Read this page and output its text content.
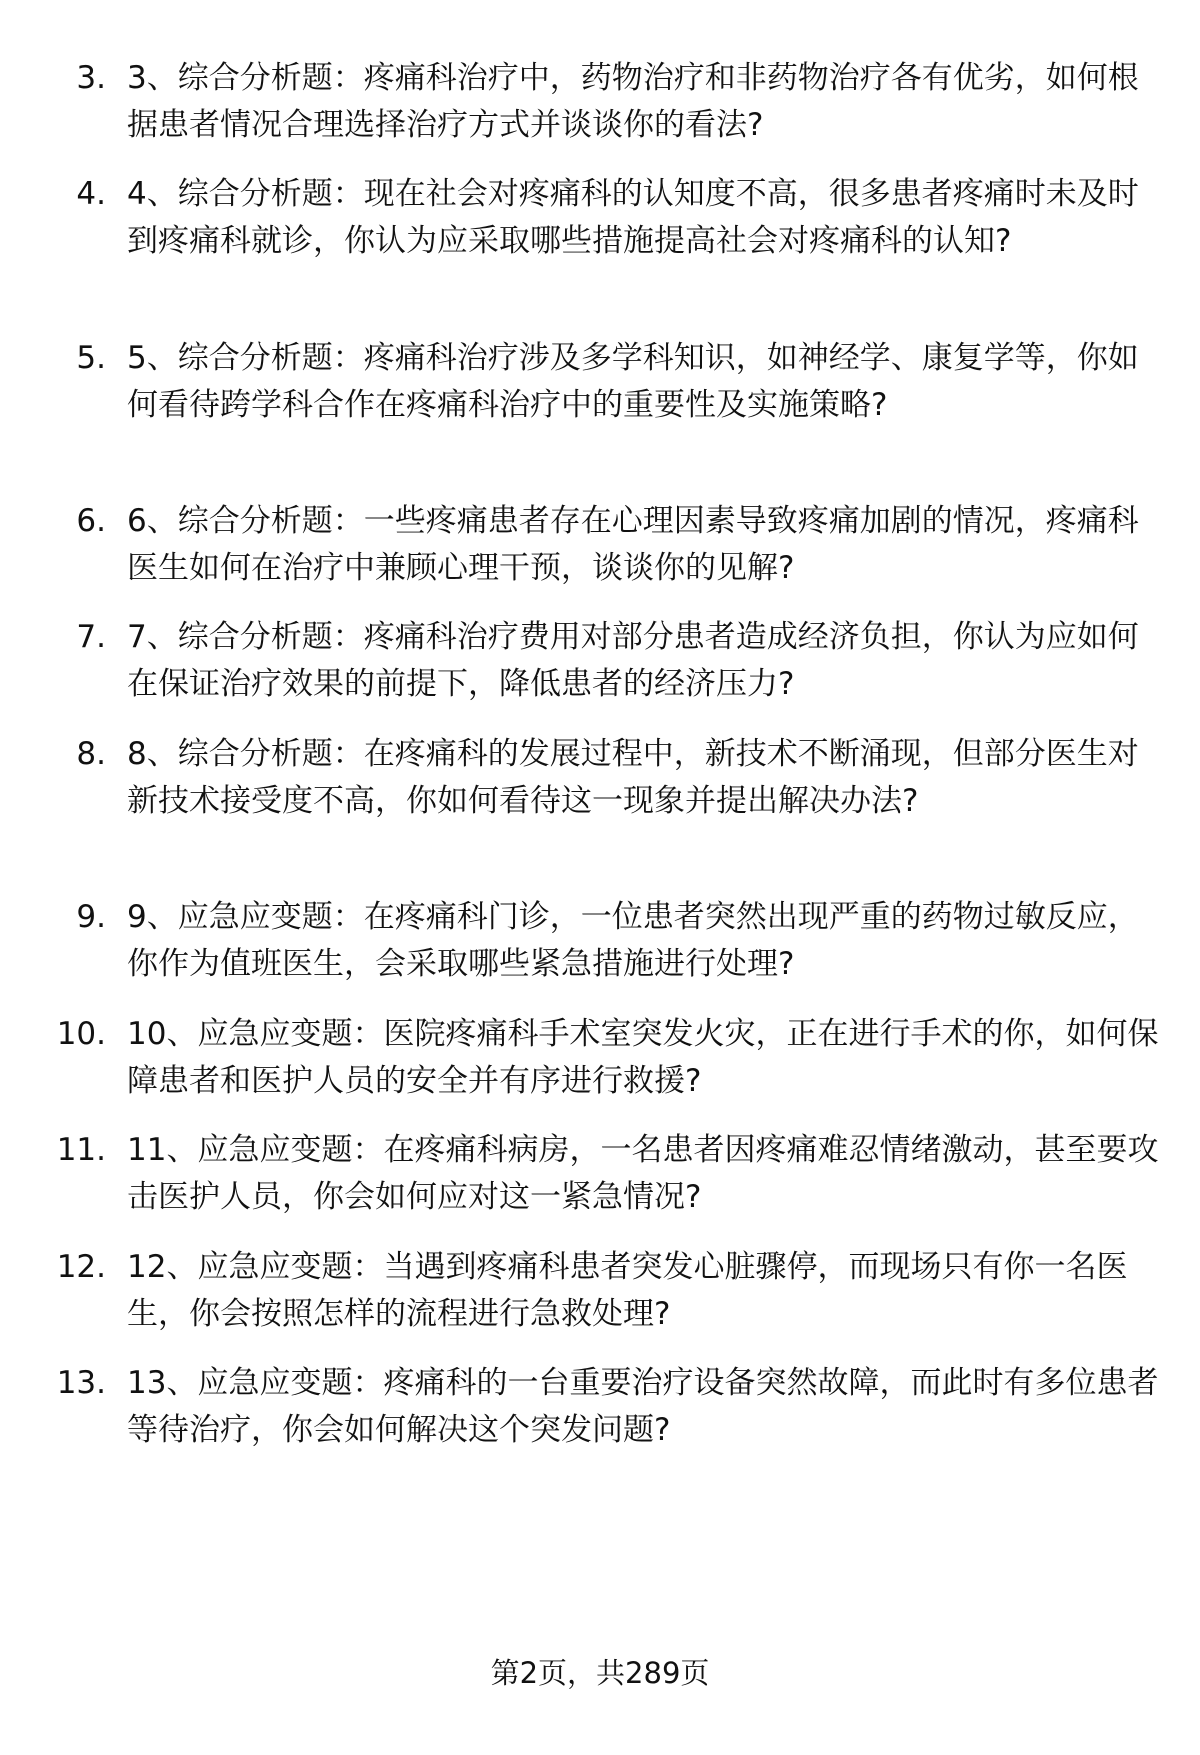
3. 3、综合分析题：疼痛科治疗中，药物治疗和非药物治疗各有优劣，如何根据患者情况合理选择治疗方式并谈谈你的看法?

4. 4、综合分析题：现在社会对疼痛科的认知度不高，很多患者疼痛时未及时到疼痛科就诊，你认为应采取哪些措施提高社会对疼痛科的认知?

5. 5、综合分析题：疼痛科治疗涉及多学科知识，如神经学、康复学等，你如何看待跨学科合作在疼痛科治疗中的重要性及实施策略?

6. 6、综合分析题：一些疼痛患者存在心理因素导致疼痛加剧的情况，疼痛科医生如何在治疗中兼顾心理干预，谈谈你的见解?

7. 7、综合分析题：疼痛科治疗费用对部分患者造成经济负担，你认为应如何在保证治疗效果的前提下，降低患者的经济压力?

8. 8、综合分析题：在疼痛科的发展过程中，新技术不断涌现，但部分医生对新技术接受度不高，你如何看待这一现象并提出解决办法?

9. 9、应急应变题：在疼痛科门诊，一位患者突然出现严重的药物过敏反应，你作为值班医生，会采取哪些紧急措施进行处理?

10. 10、应急应变题：医院疼痛科手术室突发火灾，正在进行手术的你，如何保障患者和医护人员的安全并有序进行救援?

11. 11、应急应变题：在疼痛科病房，一名患者因疼痛难忍情绪激动，甚至要攻击医护人员，你会如何应对这一紧急情况?

12. 12、应急应变题：当遇到疼痛科患者突发心脏骤停，而现场只有你一名医生，你会按照怎样的流程进行急救处理?

13. 13、应急应变题：疼痛科的一台重要治疗设备突然故障，而此时有多位患者等待治疗，你会如何解决这个突发问题?

第2页，共289页
